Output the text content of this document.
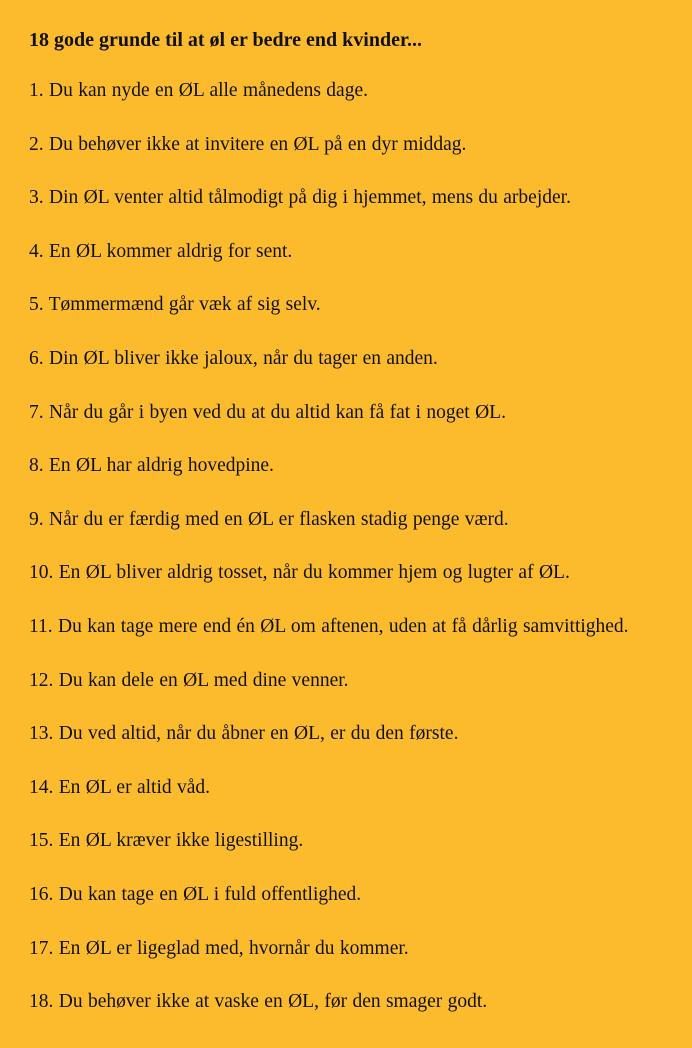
18 gode grunde til at øl er bedre end kvinder...
1. Du kan nyde en ØL alle månedens dage.
2. Du behøver ikke at invitere en ØL på en dyr middag.
3. Din ØL venter altid tålmodigt på dig i hjemmet, mens du arbejder.
4. En ØL kommer aldrig for sent.
5. Tømmermænd går væk af sig selv.
6. Din ØL bliver ikke jaloux, når du tager en anden.
7. Når du går i byen ved du at du altid kan få fat i noget ØL.
8. En ØL har aldrig hovedpine.
9. Når du er færdig med en ØL er flasken stadig penge værd.
10. En ØL bliver aldrig tosset, når du kommer hjem og lugter af ØL.
11. Du kan tage mere end én ØL om aftenen, uden at få dårlig samvittighed.
12. Du kan dele en ØL med dine venner.
13. Du ved altid, når du åbner en ØL, er du den første.
14. En ØL er altid våd.
15. En ØL kræver ikke ligestilling.
16. Du kan tage en ØL i fuld offentlighed.
17. En ØL er ligeglad med, hvornår du kommer.
18. Du behøver ikke at vaske en ØL, før den smager godt.
